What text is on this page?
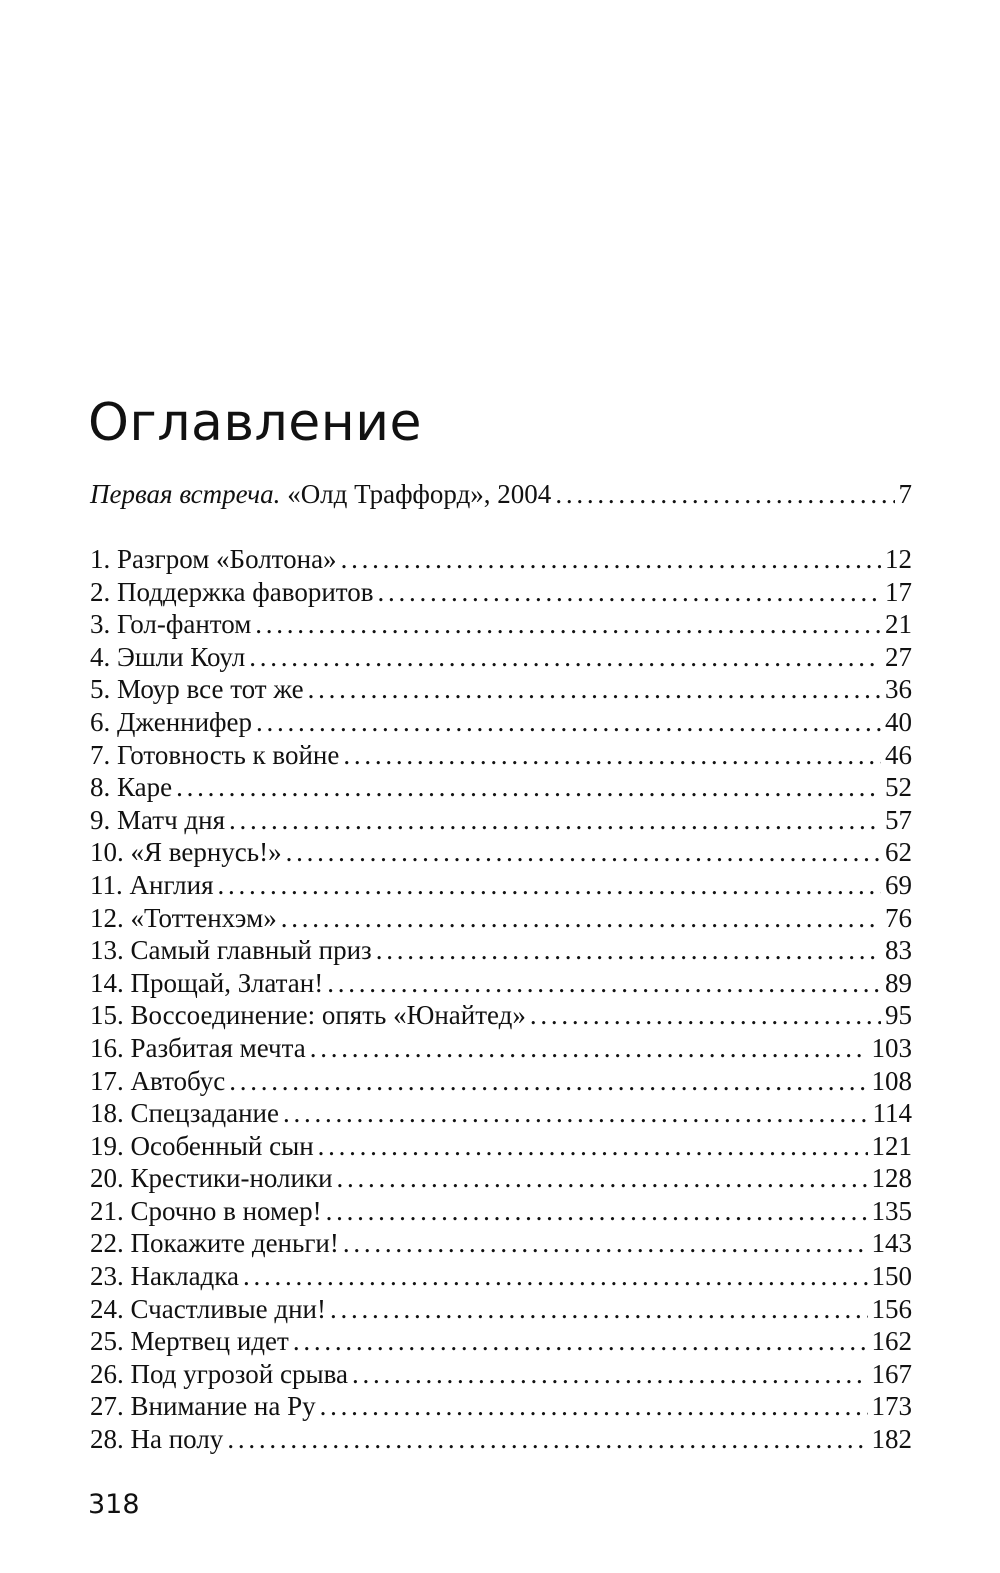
Оглавление
Первая встреча. «Олд Траффорд», 2004 . . .	7
1. Разгром «Болтона» . . .	12
2. Поддержка фаворитов . . .	17
3. Гол-фантом . . .	21
4. Эшли Коул . . .	27
5. Моур все тот же . . .	36
6. Дженнифер . . .	40
7. Готовность к войне . . .	46
8. Каре . . .	52
9. Матч дня . . .	57
10. «Я вернусь!» . . .	62
11. Англия . . .	69
12. «Тоттенхэм» . . .	76
13. Самый главный приз . . .	83
14. Прощай, Златан! . . .	89
15. Воссоединение: опять «Юнайтед» . . .	95
16. Разбитая мечта . . .	103
17. Автобус . . .	108
18. Спецзадание . . .	114
19. Особенный сын . . .	121
20. Крестики-нолики . . .	128
21. Срочно в номер! . . .	135
22. Покажите деньги! . . .	143
23. Накладка . . .	150
24. Счастливые дни! . . .	156
25. Мертвец идет . . .	162
26. Под угрозой срыва . . .	167
27. Внимание на Ру . . .	173
28. На полу . . .	182
318
